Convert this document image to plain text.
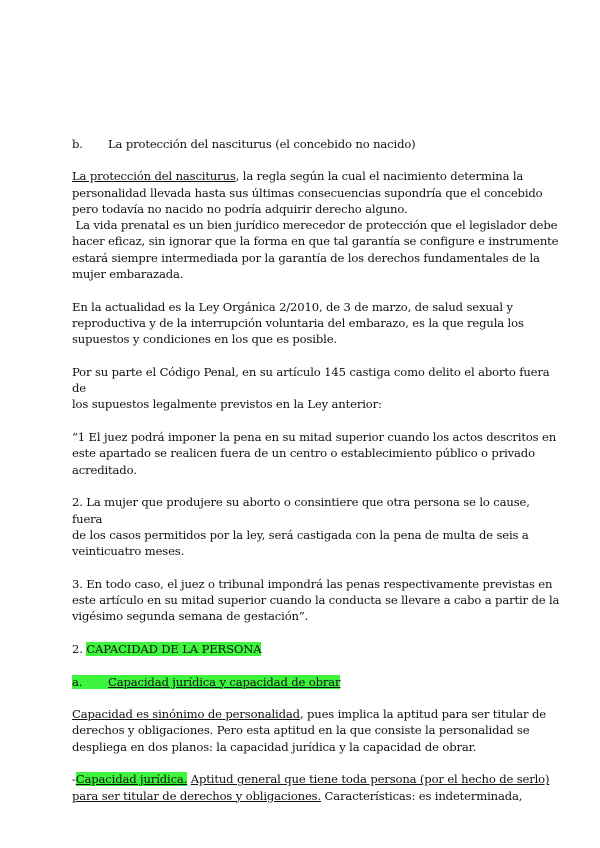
b. La protección del nasciturus (el concebido no nacido)

La protección del nasciturus, la regla según la cual el nacimiento determina la
personalidad llevada hasta sus últimas consecuencias supondría que el concebido
pero todavía no nacido no podría adquirir derecho alguno.
La vida prenatal es un bien jurídico merecedor de protección que el legislador debe
hacer eficaz, sin ignorar que la forma en que tal garantía se configure e instrumente
estará siempre intermediada por la garantía de los derechos fundamentales de la
mujer embarazada.

En la actualidad es la Ley Orgánica 2/2010, de 3 de marzo, de salud sexual y
reproductiva y de la interrupción voluntaria del embarazo, es la que regula los
supuestos y condiciones en los que es posible.

Por su parte el Código Penal, en su artículo 145 castiga como delito el aborto fuera de
los supuestos legalmente previstos en la Ley anterior:

“1 El juez podrá imponer la pena en su mitad superior cuando los actos descritos en
este apartado se realicen fuera de un centro o establecimiento público o privado
acreditado.

2. La mujer que produjere su aborto o consintiere que otra persona se lo cause, fuera
de los casos permitidos por la ley, será castigada con la pena de multa de seis a
veinticuatro meses.

3. En todo caso, el juez o tribunal impondrá las penas respectivamente previstas en
este artículo en su mitad superior cuando la conducta se llevare a cabo a partir de la
vigésimo segunda semana de gestación”.

2. CAPACIDAD DE LA PERSONA

a. Capacidad jurídica y capacidad de obrar

Capacidad es sinónimo de personalidad, pues implica la aptitud para ser titular de
derechos y obligaciones. Pero esta aptitud en la que consiste la personalidad se
despliega en dos planos: la capacidad jurídica y la capacidad de obrar.

-Capacidad jurídica. Aptitud general que tiene toda persona (por el hecho de serlo)
para ser titular de derechos y obligaciones. Características: es indeterminada,
